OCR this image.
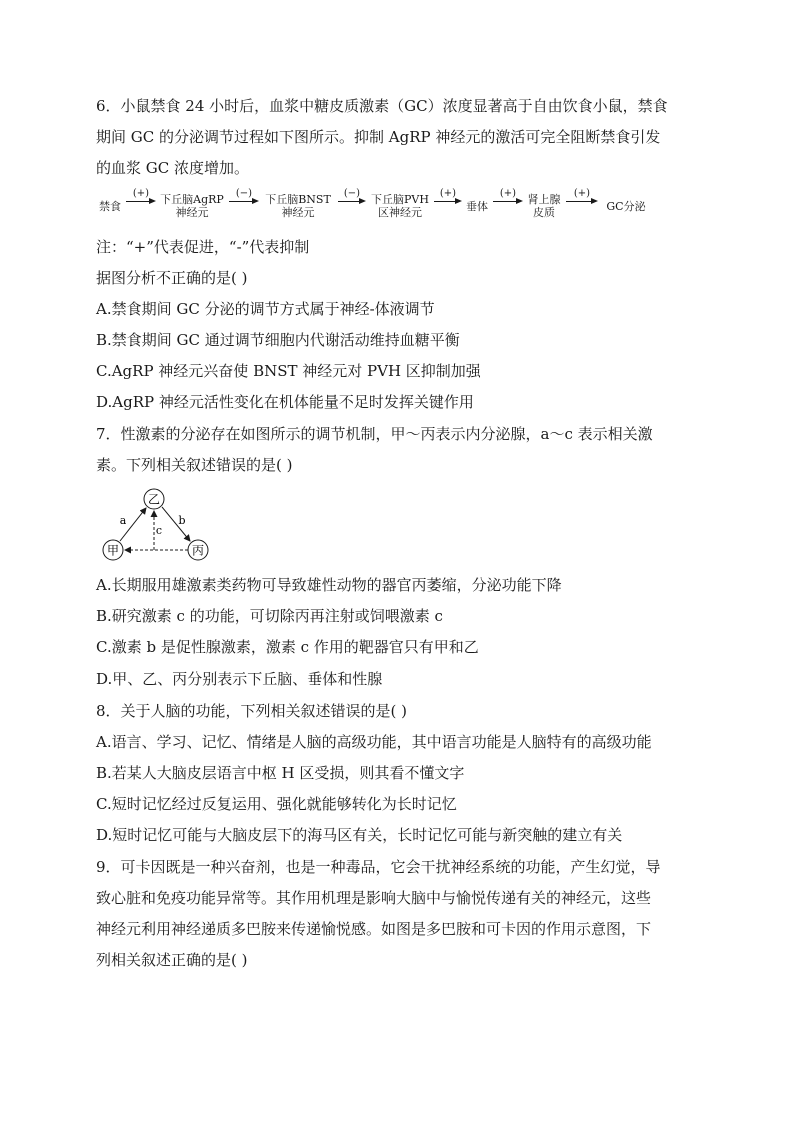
6．小鼠禁食 24 小时后，血浆中糖皮质激素（GC）浓度显著高于自由饮食小鼠，禁食
期间 GC 的分泌调节过程如下图所示。抑制 AgRP 神经元的激活可完全阻断禁食引发
的血浆 GC 浓度增加。
禁食
(+)	下丘脑AgRP
神经元
(−)	下丘脑BNST
神经元
(−) 下丘脑PVH
区神经元
(+)
垂体
(+)	肾上腺
皮质
(+)
GC分泌
注：“+”代表促进，“-”代表抑制
据图分析不正确的是( )
A.禁食期间 GC 分泌的调节方式属于神经-体液调节
B.禁食期间 GC 通过调节细胞内代谢活动维持血糖平衡
C.AgRP 神经元兴奋使 BNST 神经元对 PVH 区抑制加强
D.AgRP 神经元活性变化在机体能量不足时发挥关键作用
7．性激素的分泌存在如图所示的调节机制，甲～丙表示内分泌腺，a～c 表示相关激
素。下列相关叙述错误的是( )
乙
甲	丙
a	b
c
A.长期服用雄激素类药物可导致雄性动物的器官丙萎缩，分泌功能下降
B.研究激素 c 的功能，可切除丙再注射或饲喂激素 c
C.激素 b 是促性腺激素，激素 c 作用的靶器官只有甲和乙
D.甲、乙、丙分别表示下丘脑、垂体和性腺
8．关于人脑的功能，下列相关叙述错误的是( )
A.语言、学习、记忆、情绪是人脑的高级功能，其中语言功能是人脑特有的高级功能
B.若某人大脑皮层语言中枢 H 区受损，则其看不懂文字
C.短时记忆经过反复运用、强化就能够转化为长时记忆
D.短时记忆可能与大脑皮层下的海马区有关，长时记忆可能与新突触的建立有关
9．可卡因既是一种兴奋剂，也是一种毒品，它会干扰神经系统的功能，产生幻觉，导
致心脏和免疫功能异常等。其作用机理是影响大脑中与愉悦传递有关的神经元，这些
神经元利用神经递质多巴胺来传递愉悦感。如图是多巴胺和可卡因的作用示意图，下
列相关叙述正确的是( )
